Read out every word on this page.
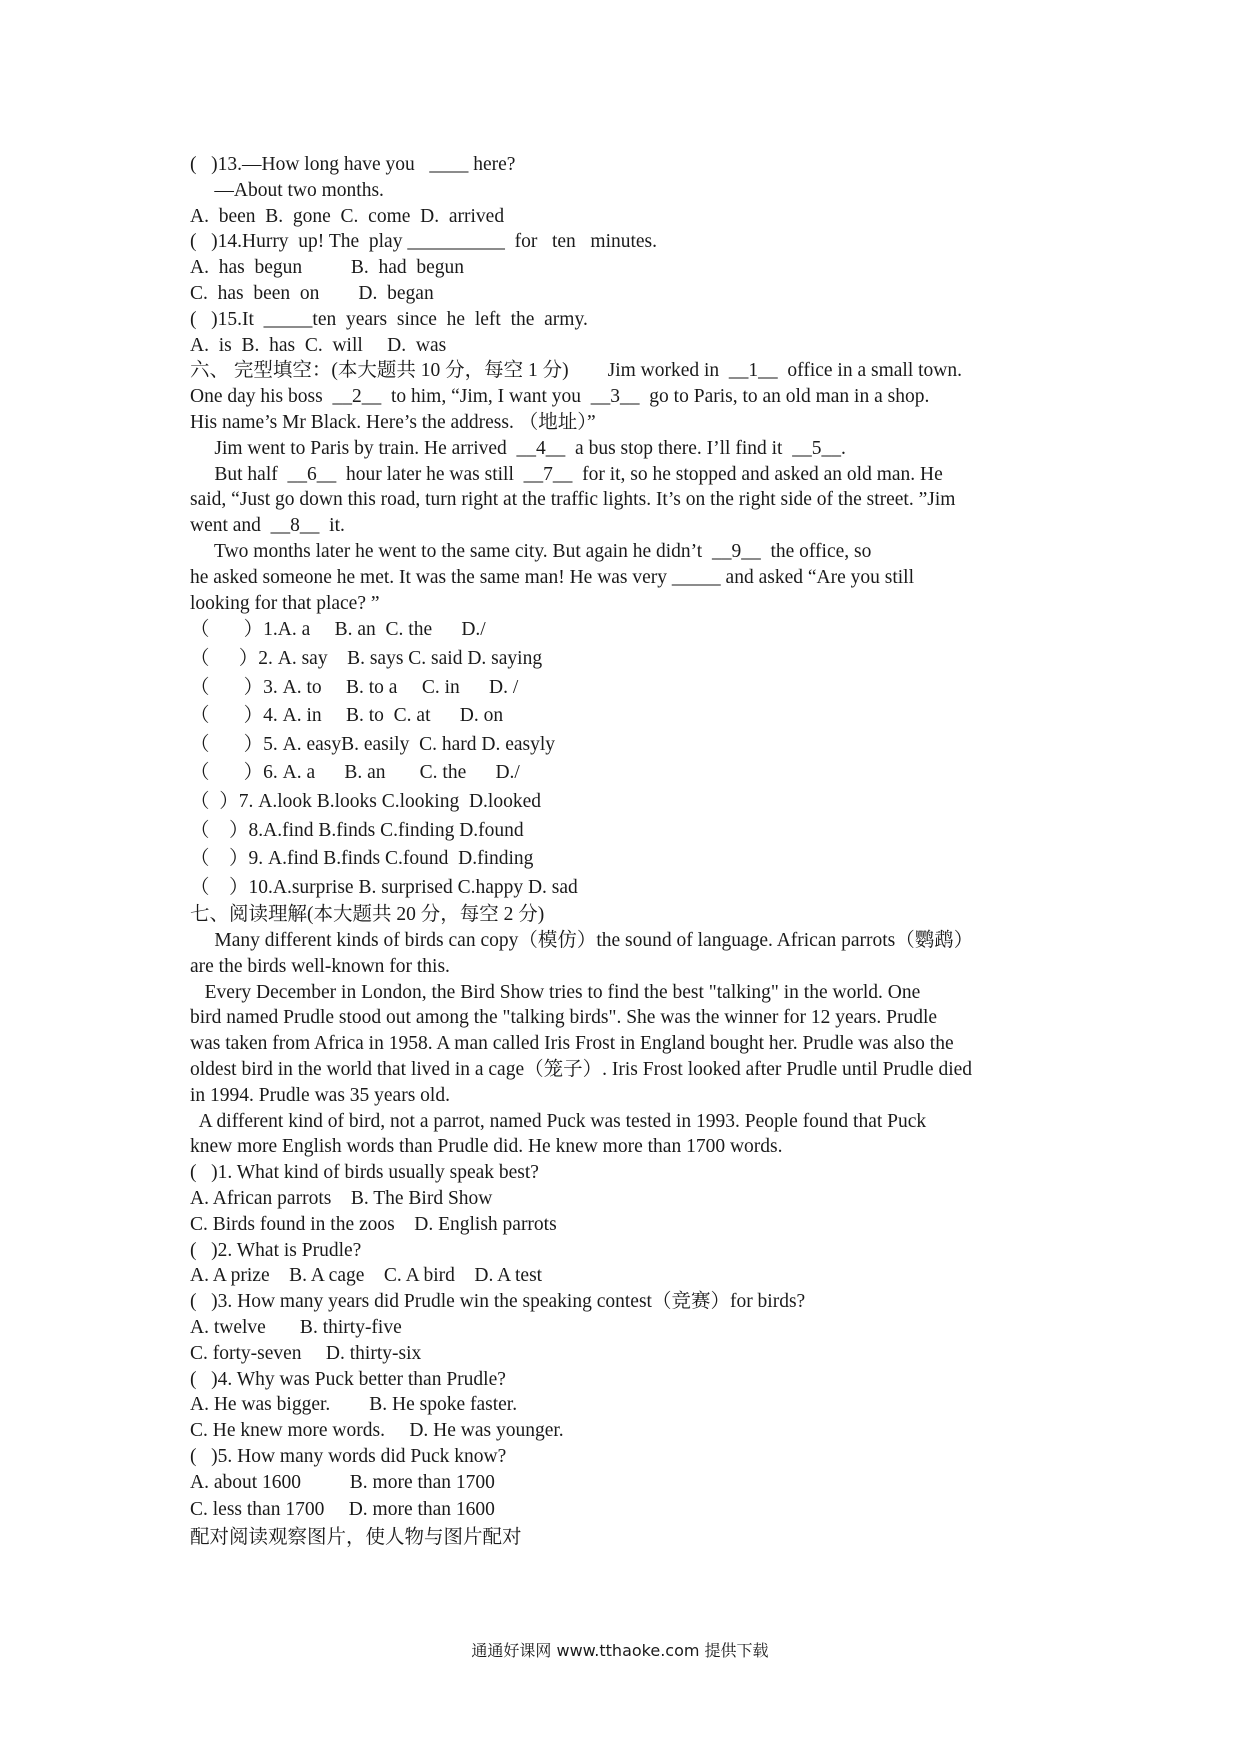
(   )13.—How long have you   ____ here?
—About two months.
A.  been  B.  gone  C.  come  D.  arrived
(   )14.Hurry  up! The  play __________  for   ten   minutes.
A.  has  begun          B.  had  begun
C.  has  been  on        D.  began
(   )15.It  _____ten  years  since  he  left  the  army.
A.  is  B.  has  C.  will     D.  was
六、 完型填空：(本大题共 10 分，每空 1 分)        Jim worked in  __1__  office in a small town.
One day his boss  __2__  to him, “Jim, I want you  __3__  go to Paris, to an old man in a shop.
His name’s Mr Black. Here’s the address. （地址）”
Jim went to Paris by train. He arrived  __4__  a bus stop there. I’ll find it  __5__.
But half  __6__  hour later he was still  __7__  for it, so he stopped and asked an old man. He
said, “Just go down this road, turn right at the traffic lights. It’s on the right side of the street. ”Jim
went and  __8__  it.
Two months later he went to the same city. But again he didn’t  __9__  the office, so
he asked someone he met. It was the same man! He was very _____ and asked “Are you still
looking for that place? ”
（       ）1.A. a     B. an  C. the      D./
（      ）2. A. say    B. says C. said D. saying
（       ）3. A. to     B. to a     C. in      D. /
（       ）4. A. in     B. to  C. at      D. on
（       ）5. A. easyB. easily  C. hard D. easyly
（       ）6. A. a      B. an       C. the      D./
（  ）7. A.look B.looks C.looking  D.looked
（    ）8.A.find B.finds C.finding D.found
（    ）9. A.find B.finds C.found  D.finding
（    ）10.A.surprise B. surprised C.happy D. sad
七、阅读理解(本大题共 20 分，每空 2 分)
Many different kinds of birds can copy（模仿）the sound of language. African parrots（鹦鹉）
are the birds well-known for this.
Every December in London, the Bird Show tries to find the best "talking" in the world. One
bird named Prudle stood out among the "talking birds". She was the winner for 12 years. Prudle
was taken from Africa in 1958. A man called Iris Frost in England bought her. Prudle was also the
oldest bird in the world that lived in a cage（笼子）. Iris Frost looked after Prudle until Prudle died
in 1994. Prudle was 35 years old.
A different kind of bird, not a parrot, named Puck was tested in 1993. People found that Puck
knew more English words than Prudle did. He knew more than 1700 words.
(   )1. What kind of birds usually speak best?
A. African parrots    B. The Bird Show
C. Birds found in the zoos    D. English parrots
(   )2. What is Prudle?
A. A prize    B. A cage    C. A bird    D. A test
(   )3. How many years did Prudle win the speaking contest（竞赛）for birds?
A. twelve       B. thirty-five
C. forty-seven     D. thirty-six
(   )4. Why was Puck better than Prudle?
A. He was bigger.        B. He spoke faster.
C. He knew more words.     D. He was younger.
(   )5. How many words did Puck know?
A. about 1600          B. more than 1700
C. less than 1700     D. more than 1600
配对阅读观察图片，使人物与图片配对
通通好课网 www.tthaoke.com 提供下载
